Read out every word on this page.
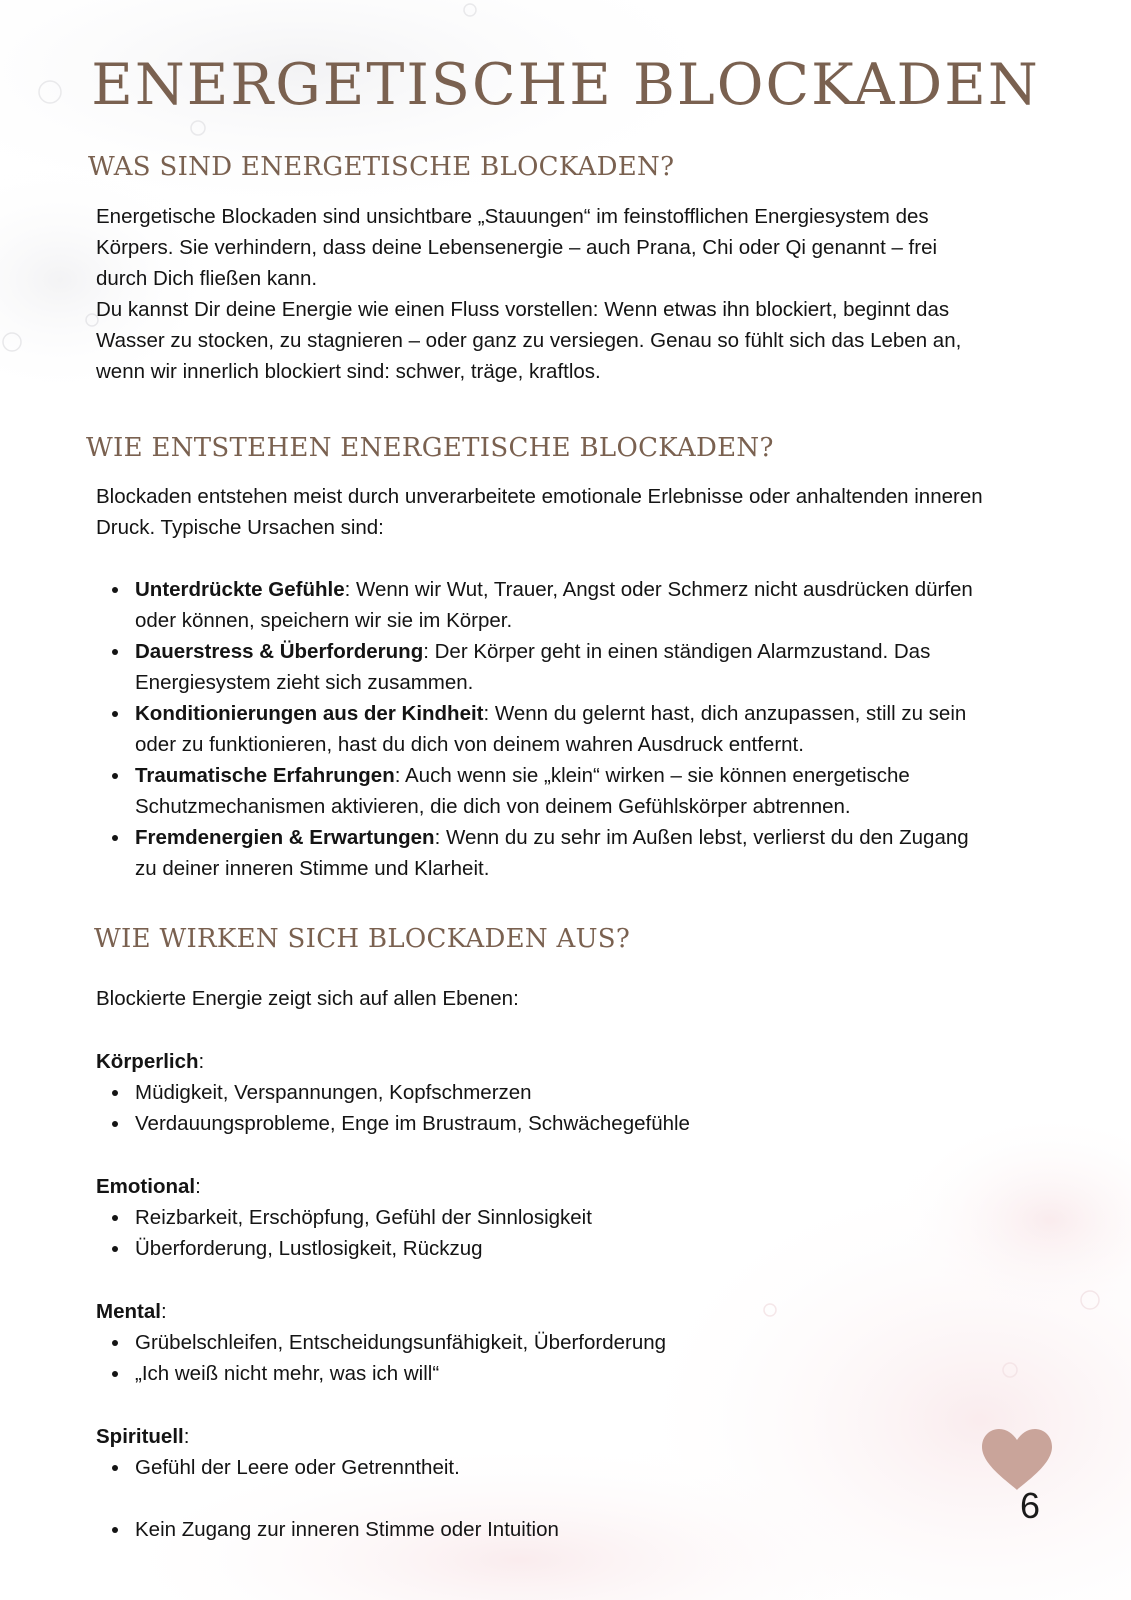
ENERGETISCHE BLOCKADEN
WAS SIND ENERGETISCHE BLOCKADEN?
Energetische Blockaden sind unsichtbare „Stauungen“ im feinstofflichen Energiesystem des
Körpers. Sie verhindern, dass deine Lebensenergie – auch Prana, Chi oder Qi genannt – frei
durch Dich fließen kann.
Du kannst Dir deine Energie wie einen Fluss vorstellen: Wenn etwas ihn blockiert, beginnt das
Wasser zu stocken, zu stagnieren – oder ganz zu versiegen. Genau so fühlt sich das Leben an,
wenn wir innerlich blockiert sind: schwer, träge, kraftlos.
WIE ENTSTEHEN ENERGETISCHE BLOCKADEN?
Blockaden entstehen meist durch unverarbeitete emotionale Erlebnisse oder anhaltenden inneren
Druck. Typische Ursachen sind:
Unterdrückte Gefühle: Wenn wir Wut, Trauer, Angst oder Schmerz nicht ausdrücken dürfen
oder können, speichern wir sie im Körper.
Dauerstress & Überforderung: Der Körper geht in einen ständigen Alarmzustand. Das
Energiesystem zieht sich zusammen.
Konditionierungen aus der Kindheit: Wenn du gelernt hast, dich anzupassen, still zu sein
oder zu funktionieren, hast du dich von deinem wahren Ausdruck entfernt.
Traumatische Erfahrungen: Auch wenn sie „klein“ wirken – sie können energetische
Schutzmechanismen aktivieren, die dich von deinem Gefühlskörper abtrennen.
Fremdenergien & Erwartungen: Wenn du zu sehr im Außen lebst, verlierst du den Zugang
zu deiner inneren Stimme und Klarheit.
WIE WIRKEN SICH BLOCKADEN AUS?
Blockierte Energie zeigt sich auf allen Ebenen:
Körperlich:
Müdigkeit, Verspannungen, Kopfschmerzen
Verdauungsprobleme, Enge im Brustraum, Schwächegefühle
Emotional:
Reizbarkeit, Erschöpfung, Gefühl der Sinnlosigkeit
Überforderung, Lustlosigkeit, Rückzug
Mental:
Grübelschleifen, Entscheidungsunfähigkeit, Überforderung
„Ich weiß nicht mehr, was ich will“
Spirituell:
Gefühl der Leere oder Getrenntheit.
Kein Zugang zur inneren Stimme oder Intuition
6
